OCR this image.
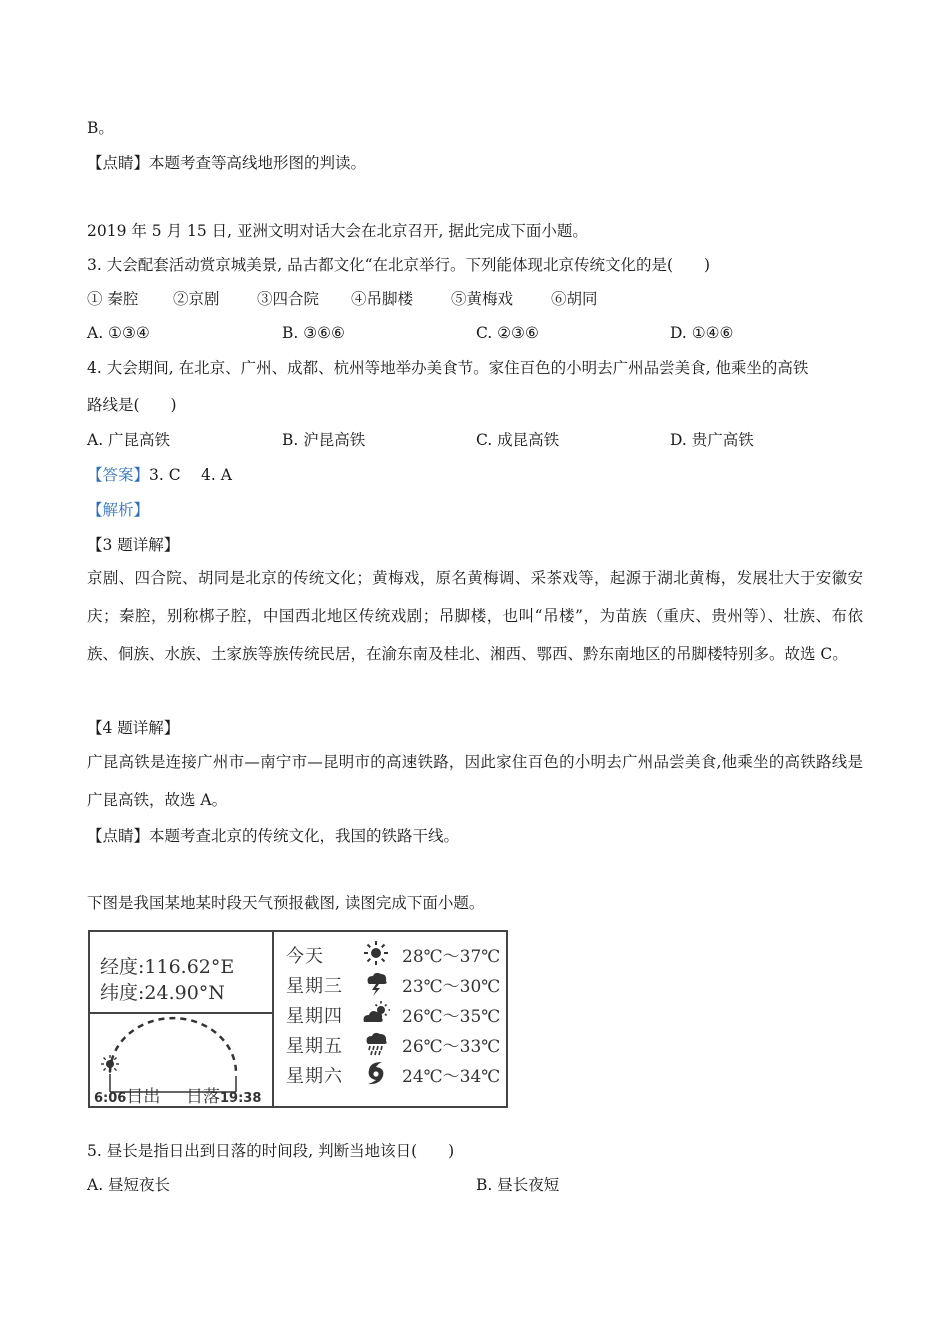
B。
【点睛】本题考查等高线地形图的判读。
2019 年 5 月 15 日, 亚洲文明对话大会在北京召开, 据此完成下面小题。
3. 大会配套活动赏京城美景, 品古都文化“在北京举行。下列能体现北京传统文化的是(　　)
① 秦腔 ②京剧 ③四合院 ④吊脚楼 ⑤黄梅戏 ⑥胡同
A. ①③④	B. ③⑥⑥	C. ②③⑥	D. ①④⑥
4. 大会期间, 在北京、广州、成都、杭州等地举办美食节。家住百色的小明去广州品尝美食, 他乘坐的高铁
路线是(　　)
A. 广昆高铁	B. 沪昆高铁	C. 成昆高铁	D. 贵广高铁
【答案】3. C　 4. A
【解析】
【3 题详解】
京剧、四合院、胡同是北京的传统文化；黄梅戏，原名黄梅调、采茶戏等，起源于湖北黄梅，发展壮大于安徽安庆；秦腔，别称梆子腔，中国西北地区传统戏剧；吊脚楼，也叫“吊楼”，为苗族（重庆、贵州等）、壮族、布依族、侗族、水族、土家族等族传统民居，在渝东南及桂北、湘西、鄂西、黔东南地区的吊脚楼特别多。故选 C。
【4 题详解】
广昆高铁是连接广州市—南宁市—昆明市的高速铁路，因此家住百色的小明去广州品尝美食,他乘坐的高铁路线是广昆高铁，故选 A。
【点睛】本题考查北京的传统文化，我国的铁路干线。
下图是我国某地某时段天气预报截图, 读图完成下面小题。
经度:116.62°E
纬度:24.90°N
6:06日出 日落19:38
今天	28℃～37℃
星期三	23℃～30℃
星期四	26℃～35℃
星期五	26℃～33℃
星期六	24℃～34℃
5. 昼长是指日出到日落的时间段, 判断当地该日(　　)
A. 昼短夜长	B. 昼长夜短
